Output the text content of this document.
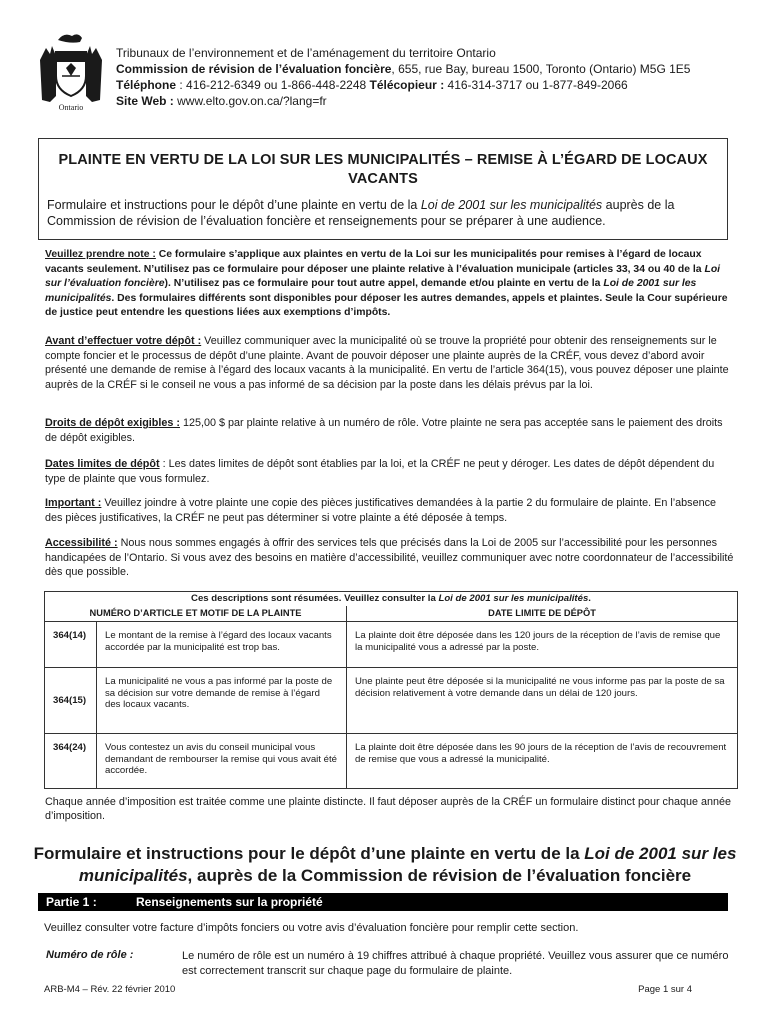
Ontario
Tribunaux de l’environnement et de l’aménagement du territoire Ontario
Commission de révision de l’évaluation foncière, 655, rue Bay, bureau 1500, Toronto (Ontario) M5G 1E5
Téléphone : 416-212-6349 ou 1-866-448-2248 Télécopieur : 416-314-3717 ou 1-877-849-2066
Site Web : www.elto.gov.on.ca/?lang=fr
PLAINTE EN VERTU DE LA LOI SUR LES MUNICIPALITÉS – REMISE À L’ÉGARD DE LOCAUX
VACANTS
Formulaire et instructions pour le dépôt d’une plainte en vertu de la Loi de 2001 sur les municipalités auprès de la Commission de révision de l’évaluation foncière et renseignements pour se préparer à une audience.
Veuillez prendre note : Ce formulaire s’applique aux plaintes en vertu de la Loi sur les municipalités pour remises à l’égard de locaux vacants seulement. N’utilisez pas ce formulaire pour déposer une plainte relative à l’évaluation municipale (articles 33, 34 ou 40 de la Loi sur l’évaluation foncière). N’utilisez pas ce formulaire pour tout autre appel, demande et/ou plainte en vertu de la Loi de 2001 sur les municipalités. Des formulaires différents sont disponibles pour déposer les autres demandes, appels et plaintes. Seule la Cour supérieure de justice peut entendre les questions liées aux exemptions d’impôts.
Avant d’effectuer votre dépôt : Veuillez communiquer avec la municipalité où se trouve la propriété pour obtenir des renseignements sur le compte foncier et le processus de dépôt d’une plainte. Avant de pouvoir déposer une plainte auprès de la CRÉF, vous devez d’abord avoir présenté une demande de remise à l’égard des locaux vacants à la municipalité. En vertu de l’article 364(15), vous pouvez déposer une plainte auprès de la CRÉF si le conseil ne vous a pas informé de sa décision par la poste dans les délais prévus par la loi.
Droits de dépôt exigibles : 125,00 $ par plainte relative à un numéro de rôle. Votre plainte ne sera pas acceptée sans le paiement des droits de dépôt exigibles.
Dates limites de dépôt : Les dates limites de dépôt sont établies par la loi, et la CRÉF ne peut y déroger. Les dates de dépôt dépendent du type de plainte que vous formulez.
Important : Veuillez joindre à votre plainte une copie des pièces justificatives demandées à la partie 2 du formulaire de plainte. En l’absence des pièces justificatives, la CRÉF ne peut pas déterminer si votre plainte a été déposée à temps.
Accessibilité : Nous nous sommes engagés à offrir des services tels que précisés dans la Loi de 2005 sur l’accessibilité pour les personnes handicapées de l’Ontario. Si vous avez des besoins en matière d’accessibilité, veuillez communiquer avec notre coordonnateur de l’accessibilité dès que possible.
Ces descriptions sont résumées. Veuillez consulter la Loi de 2001 sur les municipalités.		
NUMÉRO D’ARTICLE ET MOTIF DE LA PLAINTE		DATE LIMITE DE DÉPÔT
364(14)	Le montant de la remise à l’égard des locaux vacants accordée par la municipalité est trop bas.	La plainte doit être déposée dans les 120 jours de la réception de l’avis de remise que la municipalité vous a adressé par la poste.
364(15)	La municipalité ne vous a pas informé par la poste de sa décision sur votre demande de remise à l’égard des locaux vacants.	Une plainte peut être déposée si la municipalité ne vous informe pas par la poste de sa décision relativement à votre demande dans un délai de 120 jours.
364(24)	Vous contestez un avis du conseil municipal vous demandant de rembourser la remise qui vous avait été accordée.	La plainte doit être déposée dans les 90 jours de la réception de l’avis de recouvrement de remise que vous a adressé la municipalité.
Chaque année d’imposition est traitée comme une plainte distincte. Il faut déposer auprès de la CRÉF un formulaire distinct pour chaque année d’imposition.
Formulaire et instructions pour le dépôt d’une plainte en vertu de la Loi de 2001 sur les municipalités, auprès de la Commission de révision de l’évaluation foncière
Partie 1 :	Renseignements sur la propriété
Veuillez consulter votre facture d’impôts fonciers ou votre avis d’évaluation foncière pour remplir cette section.
Numéro de rôle :	Le numéro de rôle est un numéro à 19 chiffres attribué à chaque propriété. Veuillez vous assurer que ce numéro est correctement transcrit sur chaque page du formulaire de plainte.
ARB-M4 – Rév. 22 février 2010	Page 1 sur 4
